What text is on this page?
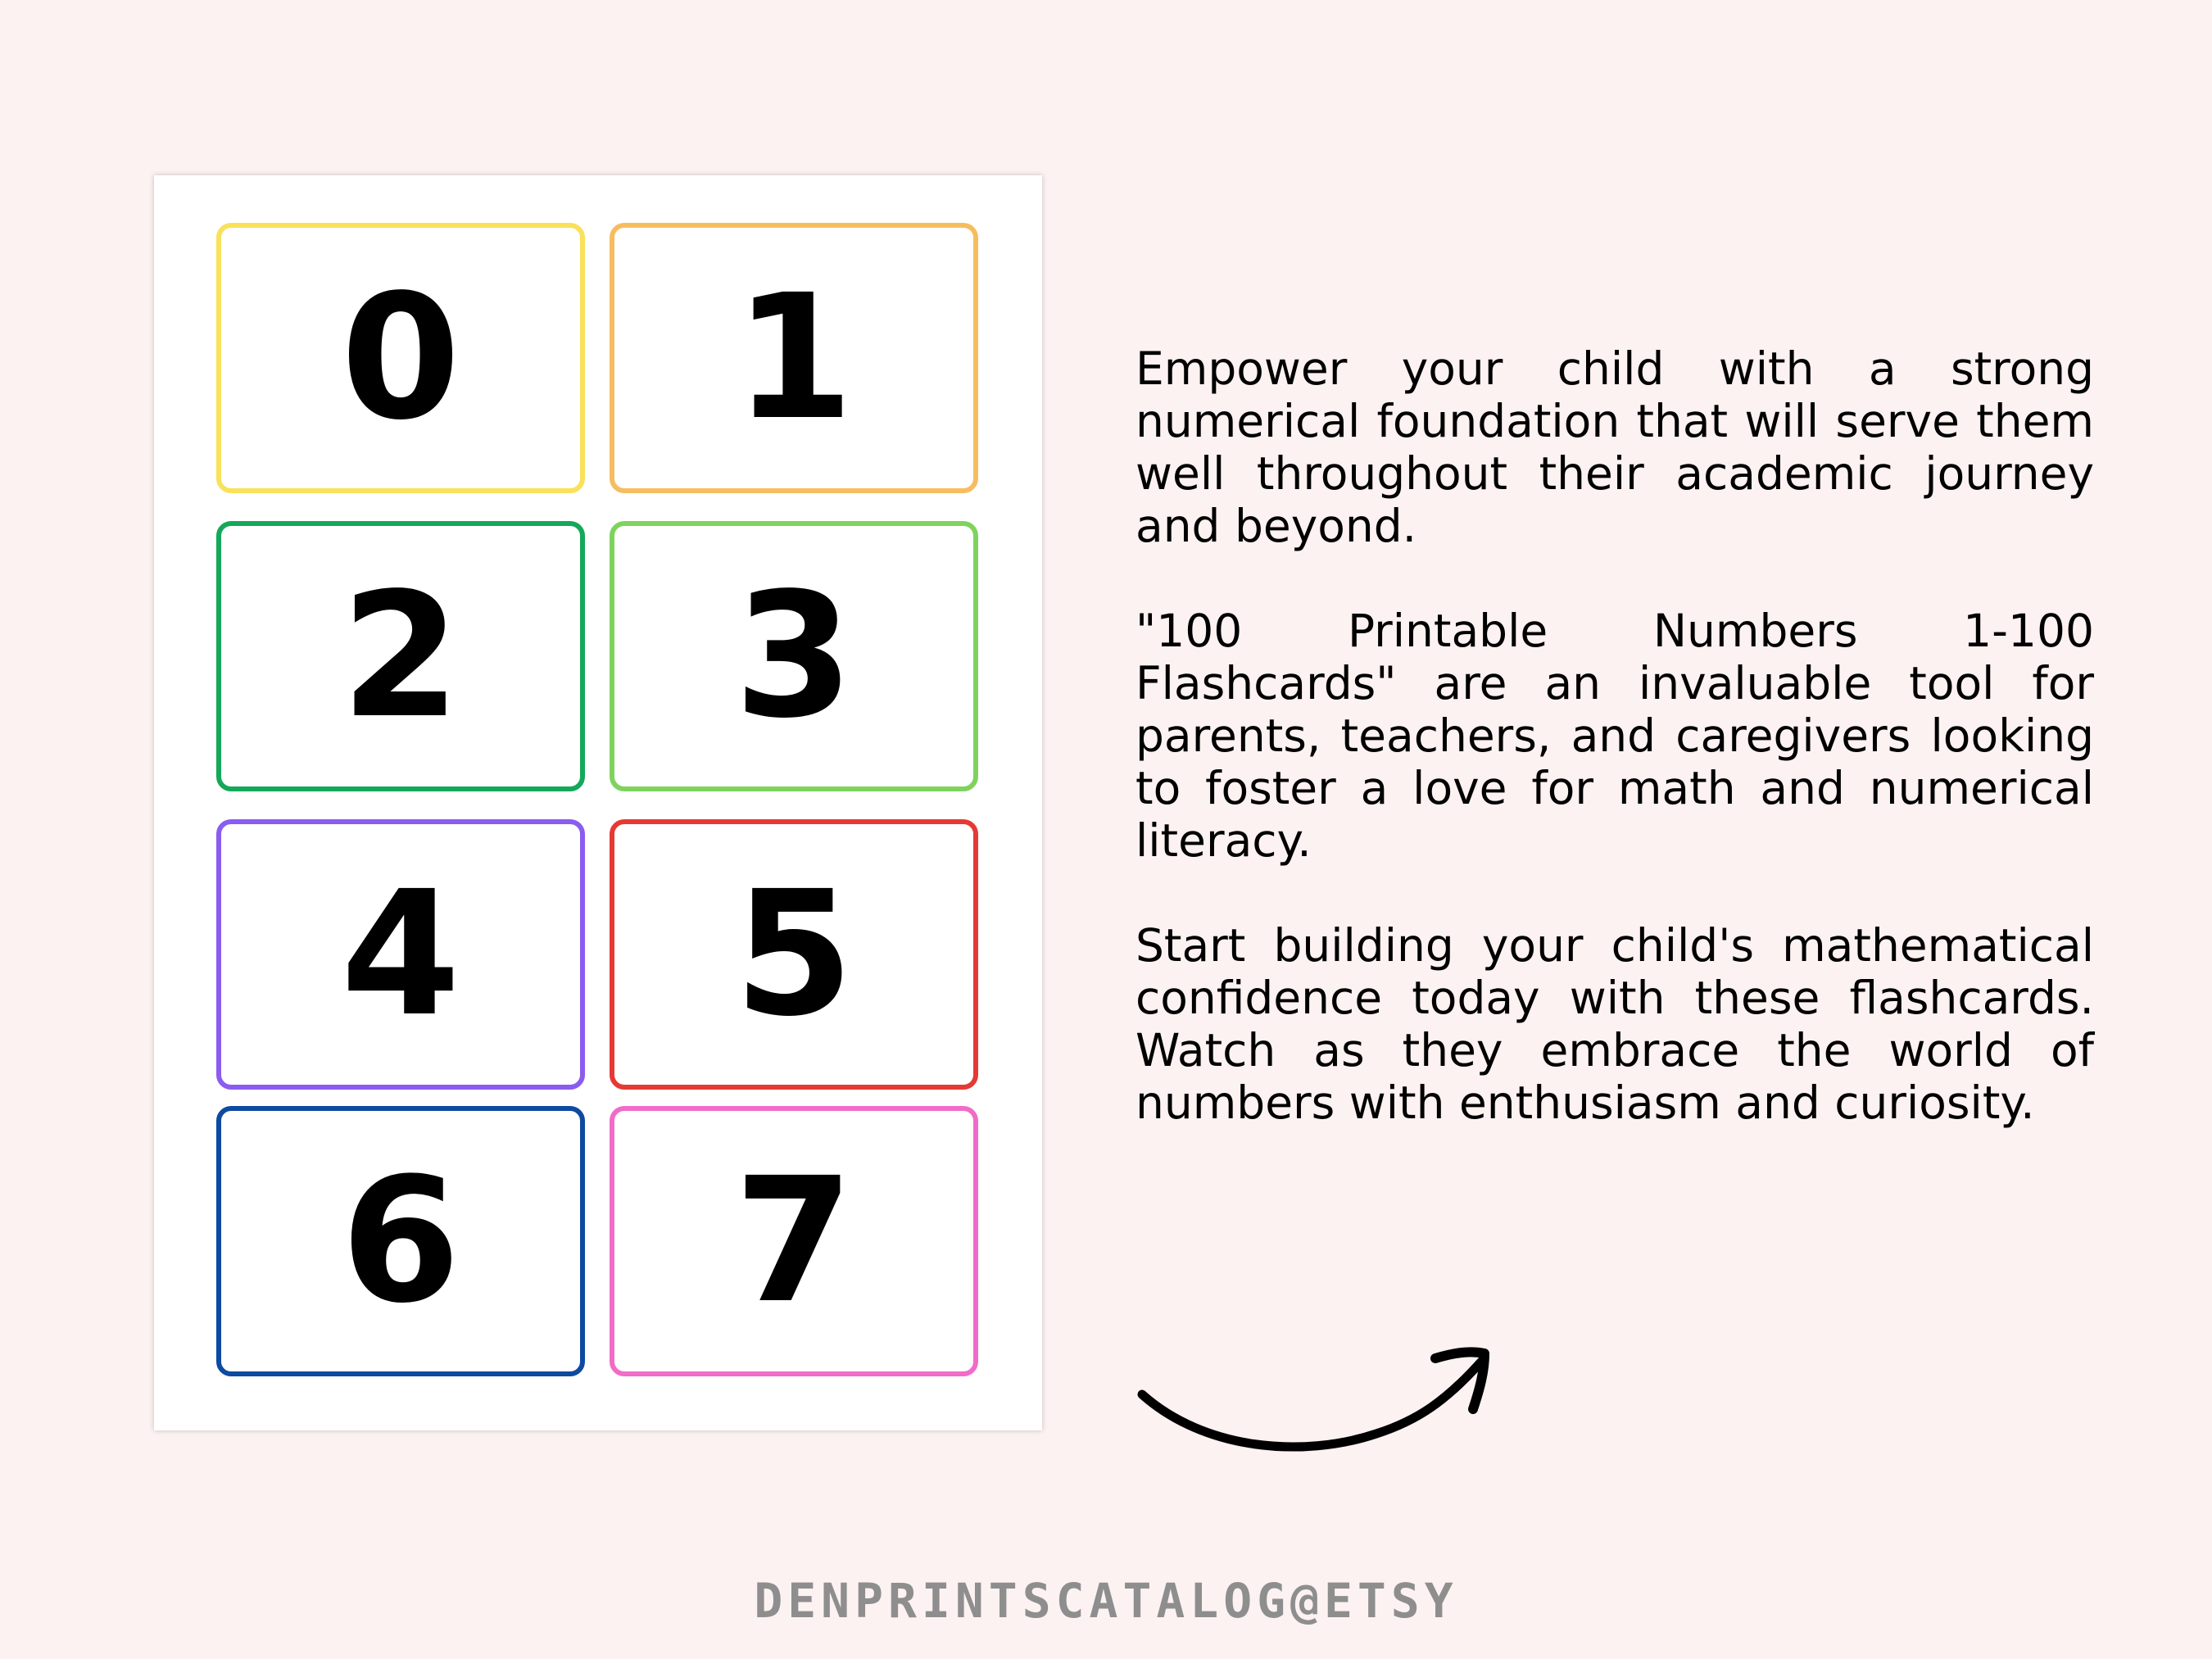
0 1
2 3
4 5
6 7

Empower your child with a strong numerical foundation that will serve them well throughout their academic journey and beyond.

"100 Printable Numbers 1-100 Flashcards" are an invaluable tool for parents, teachers, and caregivers looking to foster a love for math and numerical literacy.

Start building your child's mathematical confidence today with these flashcards. Watch as they embrace the world of numbers with enthusiasm and curiosity.

DENPRINTSCATALOG@ETSY
